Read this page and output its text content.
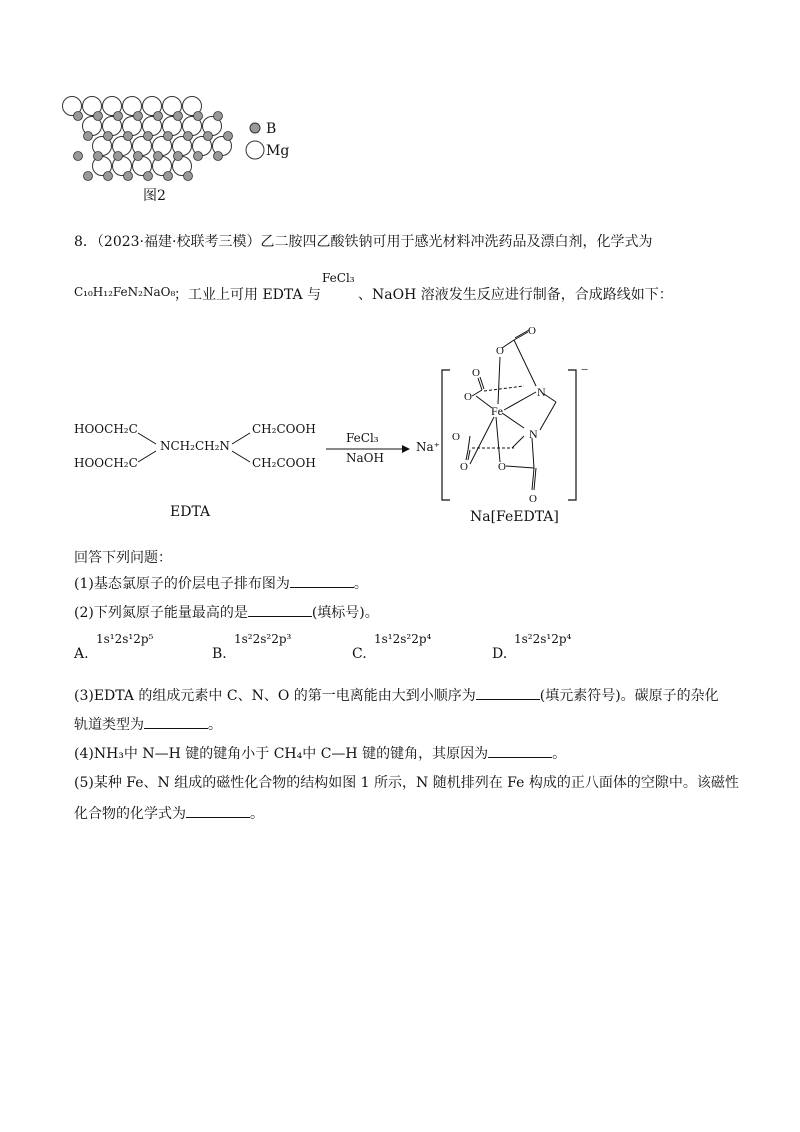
B
Mg
图2
8．（2023·福建·校联考三模）乙二胺四乙酸铁钠可用于感光材料冲洗药品及漂白剂，化学式为
C₁₀H₁₂FeN₂NaO₈
；工业上可用 EDTA 与
FeCl₃
、NaOH 溶液发生反应进行制备，合成路线如下：
HOOCH₂C
HOOCH₂C
NCH₂CH₂N
CH₂COOH
CH₂COOH
EDTA
FeCl₃
NaOH
Na⁺
−
Fe
N
N
O
O
O
O
O
O	O
O
Na[FeEDTA]
回答下列问题：
(1)基态氯原子的价层电子排布图为	。
(2)下列氮原子能量最高的是	(填标号)。
A.
1s¹2s¹2p⁵
B.
1s²2s²2p³
C.
1s¹2s²2p⁴
D.
1s²2s¹2p⁴
(3)EDTA 的组成元素中 C、N、O 的第一电离能由大到小顺序为	(填元素符号)。碳原子的杂化
轨道类型为	。
(4)NH₃中 N—H 键的键角小于 CH₄中 C—H 键的键角，其原因为	。
(5)某种 Fe、N 组成的磁性化合物的结构如图 1 所示，N 随机排列在 Fe 构成的正八面体的空隙中。该磁性
化合物的化学式为	。
